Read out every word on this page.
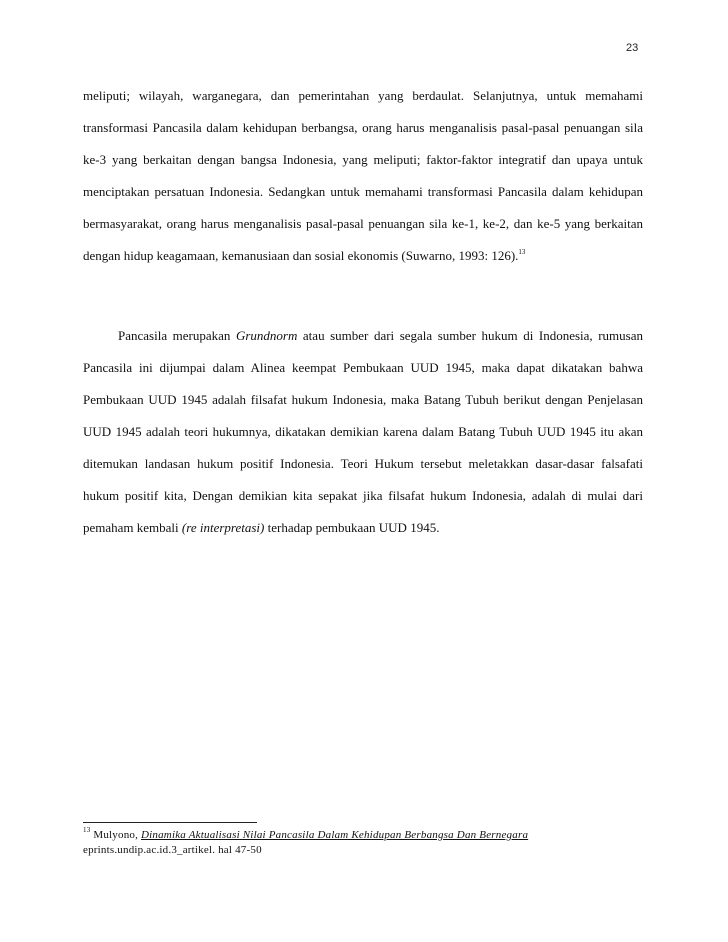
23

meliputi; wilayah, warganegara, dan pemerintahan yang berdaulat. Selanjutnya, untuk memahami transformasi Pancasila dalam kehidupan berbangsa, orang harus menganalisis pasal-pasal penuangan sila ke-3 yang berkaitan dengan bangsa Indonesia, yang meliputi; faktor-faktor integratif dan upaya untuk menciptakan persatuan Indonesia. Sedangkan untuk memahami transformasi Pancasila dalam kehidupan bermasyarakat, orang harus menganalisis pasal-pasal penuangan sila ke-1, ke-2, dan ke-5 yang berkaitan dengan hidup keagamaan, kemanusiaan dan sosial ekonomis (Suwarno, 1993: 126).$^{13}$

Pancasila merupakan Grundnorm atau sumber dari segala sumber hukum di Indonesia, rumusan Pancasila ini dijumpai dalam Alinea keempat Pembukaan UUD 1945, maka dapat dikatakan bahwa Pembukaan UUD 1945 adalah filsafat hukum Indonesia, maka Batang Tubuh berikut dengan Penjelasan UUD 1945 adalah teori hukumnya, dikatakan demikian karena dalam Batang Tubuh UUD 1945 itu akan ditemukan landasan hukum positif Indonesia. Teori Hukum tersebut meletakkan dasar-dasar falsafati hukum positif kita, Dengan demikian kita sepakat jika filsafat hukum Indonesia, adalah di mulai dari pemaham kembali (re interpretasi) terhadap pembukaan UUD 1945.

$^{13}$ Mulyono, Dinamika Aktualisasi Nilai Pancasila Dalam Kehidupan Berbangsa Dan Bernegara
eprints.undip.ac.id.3_artikel. hal 47-50
